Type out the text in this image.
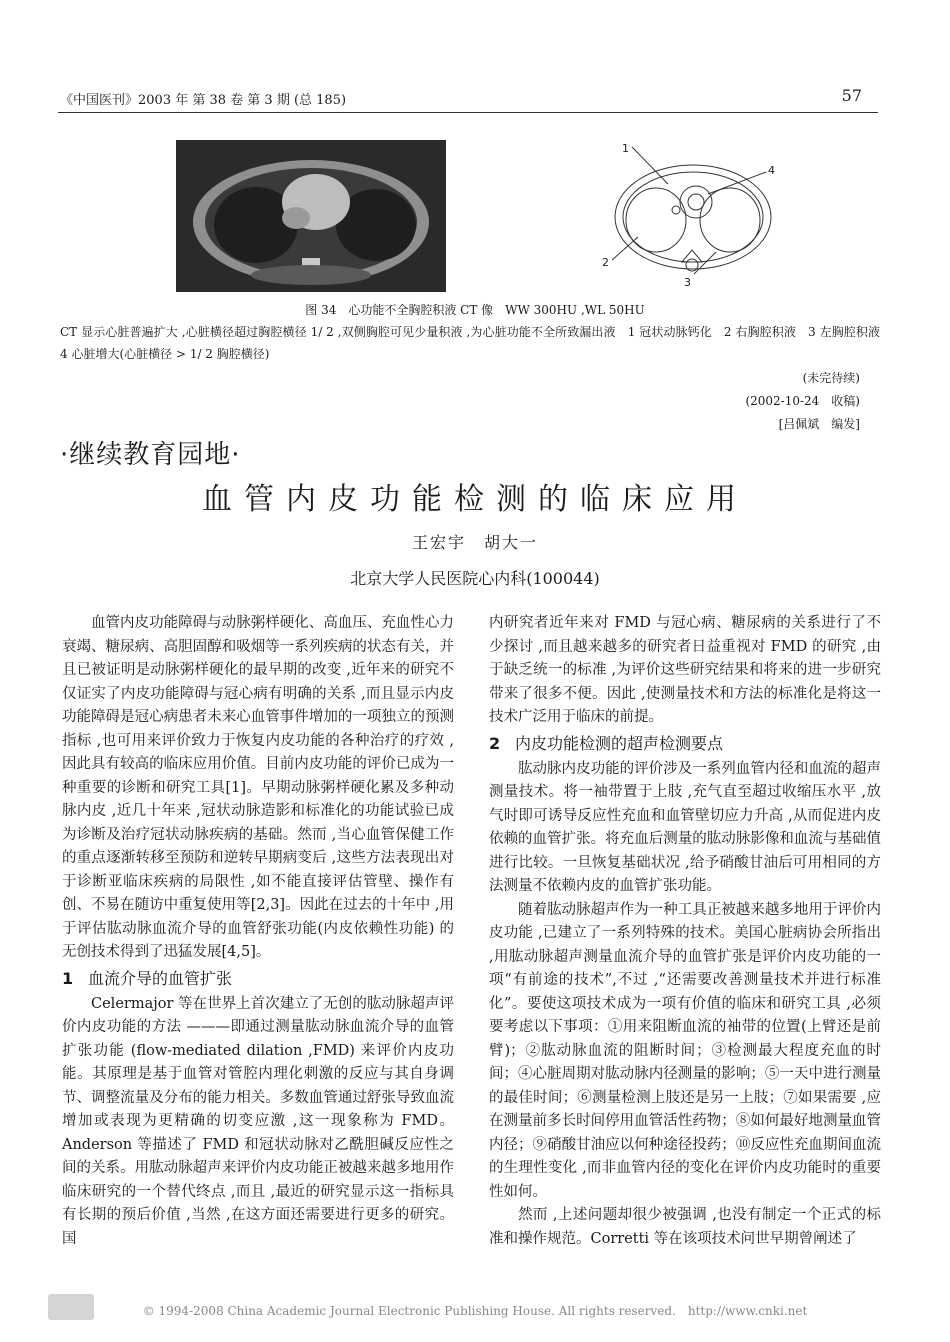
《中国医刊》2003 年 第 38 卷 第 3 期 (总 185)	57
1
2
3
4
图 34　心功能不全胸腔积液 CT 像　WW 300HU ,WL 50HU
CT 显示心脏普遍扩大 ,心脏横径超过胸腔横径 1/ 2 ,双侧胸腔可见少量积液 ,为心脏功能不全所致漏出液　1 冠状动脉钙化　2 右胸腔积液　3 左胸腔积液　4 心脏增大(心脏横径 > 1/ 2 胸腔横径)
(未完待续)
(2002-10-24　收稿)
[吕佩斌　编发]
·继续教育园地·
血管内皮功能检测的临床应用
王宏宇　胡大一
北京大学人民医院心内科(100044)

血管内皮功能障碍与动脉粥样硬化、高血压、充血性心力衰竭、糖尿病、高胆固醇和吸烟等一系列疾病的状态有关，并且已被证明是动脉粥样硬化的最早期的改变 ,近年来的研究不仅证实了内皮功能障碍与冠心病有明确的关系 ,而且显示内皮功能障碍是冠心病患者未来心血管事件增加的一项独立的预测指标 ,也可用来评价致力于恢复内皮功能的各种治疗的疗效 ,因此具有较高的临床应用价值。目前内皮功能的评价已成为一种重要的诊断和研究工具[1]。早期动脉粥样硬化累及多种动脉内皮 ,近几十年来 ,冠状动脉造影和标准化的功能试验已成为诊断及治疗冠状动脉疾病的基础。然而 ,当心血管保健工作的重点逐渐转移至预防和逆转早期病变后 ,这些方法表现出对于诊断亚临床疾病的局限性 ,如不能直接评估管壁、操作有创、不易在随访中重复使用等[2,3]。因此在过去的十年中 ,用于评估肱动脉血流介导的血管舒张功能(内皮依赖性功能) 的无创技术得到了迅猛发展[4,5]。

1 血流介导的血管扩张

Celermajor 等在世界上首次建立了无创的肱动脉超声评价内皮功能的方法 ———即通过测量肱动脉血流介导的血管扩张功能 (flow-mediated dilation ,FMD) 来评价内皮功能。其原理是基于血管对管腔内理化刺激的反应与其自身调节、调整流量及分布的能力相关。多数血管通过舒张导致血流增加或表现为更精确的切变应激 ,这一现象称为 FMD。Anderson 等描述了 FMD 和冠状动脉对乙酰胆碱反应性之间的关系。用肱动脉超声来评价内皮功能正被越来越多地用作临床研究的一个替代终点 ,而且 ,最近的研究显示这一指标具有长期的预后价值 ,当然 ,在这方面还需要进行更多的研究。国

内研究者近年来对 FMD 与冠心病、糖尿病的关系进行了不少探讨 ,而且越来越多的研究者日益重视对 FMD 的研究 ,由于缺乏统一的标准 ,为评价这些研究结果和将来的进一步研究带来了很多不便。因此 ,使测量技术和方法的标准化是将这一技术广泛用于临床的前提。

2 内皮功能检测的超声检测要点

肱动脉内皮功能的评价涉及一系列血管内径和血流的超声测量技术。将一袖带置于上肢 ,充气直至超过收缩压水平 ,放气时即可诱导反应性充血和血管壁切应力升高 ,从而促进内皮依赖的血管扩张。将充血后测量的肱动脉影像和血流与基础值进行比较。一旦恢复基础状况 ,给予硝酸甘油后可用相同的方法测量不依赖内皮的血管扩张功能。

随着肱动脉超声作为一种工具正被越来越多地用于评价内皮功能 ,已建立了一系列特殊的技术。美国心脏病协会所指出 ,用肱动脉超声测量血流介导的血管扩张是评价内皮功能的一项“有前途的技术”,不过 ,“还需要改善测量技术并进行标准化”。要使这项技术成为一项有价值的临床和研究工具 ,必须要考虑以下事项：①用来阻断血流的袖带的位置(上臂还是前臂)；②肱动脉血流的阻断时间；③检测最大程度充血的时间；④心脏周期对肱动脉内径测量的影响；⑤一天中进行测量的最佳时间；⑥测量检测上肢还是另一上肢；⑦如果需要 ,应在测量前多长时间停用血管活性药物；⑧如何最好地测量血管内径；⑨硝酸甘油应以何种途径投药；⑩反应性充血期间血流的生理性变化 ,而非血管内径的变化在评价内皮功能时的重要性如何。

然而 ,上述问题却很少被强调 ,也没有制定一个正式的标准和操作规范。Corretti 等在该项技术问世早期曾阐述了

© 1994-2008 China Academic Journal Electronic Publishing House. All rights reserved.　http://www.cnki.net
